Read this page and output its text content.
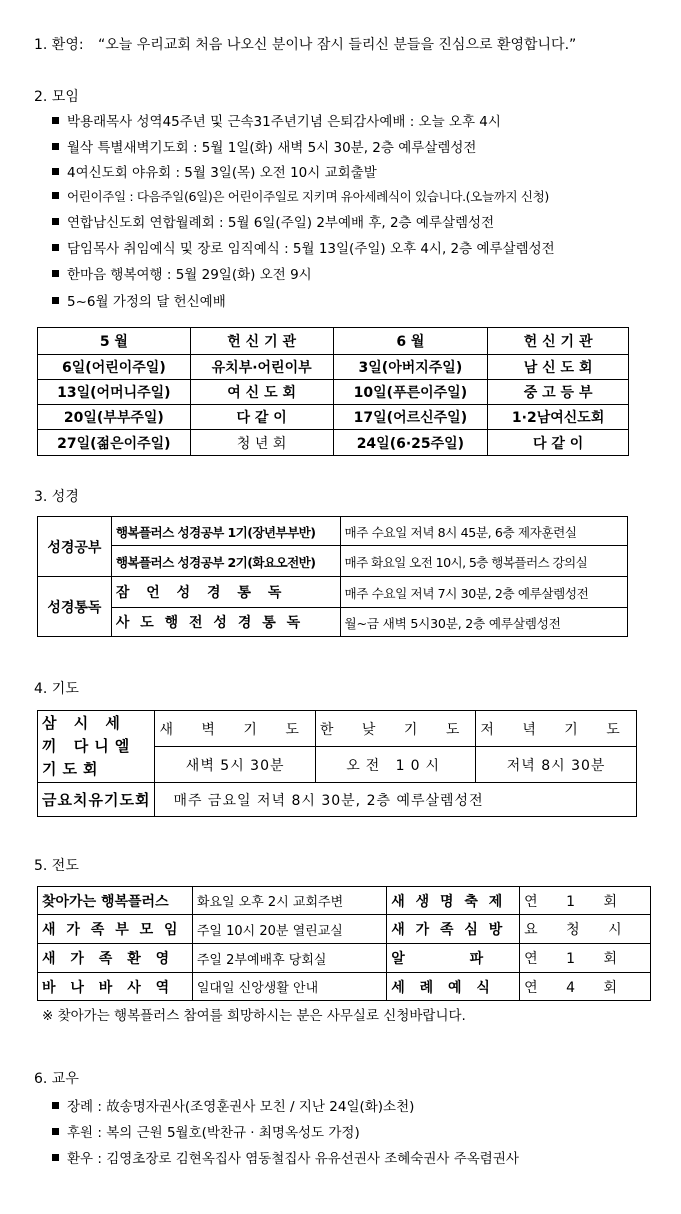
1. 환영: “오늘 우리교회 처음 나오신 분이나 잠시 들리신 분들을 진심으로 환영합니다.”
2. 모임
박용래목사 성역45주년 및 근속31주년기념 은퇴감사예배 : 오늘 오후 4시
월삭 특별새벽기도회 : 5월 1일(화) 새벽 5시 30분, 2층 예루살렘성전
4여신도회 야유회 : 5월 3일(목) 오전 10시 교회출발
어린이주일 : 다음주일(6일)은 어린이주일로 지키며 유아세례식이 있습니다.(오늘까지 신청)
연합남신도회 연합월례회 : 5월 6일(주일) 2부예배 후, 2층 예루살렘성전
담임목사 취임예식 및 장로 임직예식 : 5월 13일(주일) 오후 4시, 2층 예루살렘성전
한마음 행복여행 : 5월 29일(화) 오전 9시
5~6월 가정의 달 헌신예배
5 월	헌 신 기 관	6 월	헌 신 기 관
6일(어린이주일)	유치부·어린이부	3일(아버지주일)	남 신 도 회
13일(어머니주일)	여 신 도 회	10일(푸른이주일)	중 고 등 부
20일(부부주일)	다 같 이	17일(어르신주일)	1·2남여신도회
27일(젊은이주일)	청 년 회	24일(6·25주일)	다 같 이
3. 성경
성경공부	행복플러스 성경공부 1기(장년부부반)	매주 수요일 저녁 8시 45분, 6층 제자훈련실
	행복플러스 성경공부 2기(화요오전반)	매주 화요일 오전 10시, 5층 행복플러스 강의실
성경통독	잠 언 성 경 통 독	매주 수요일 저녁 7시 30분, 2층 예루살렘성전
	사 도 행 전 성 경 통 독	월~금 새벽 5시30분, 2층 예루살렘성전
4. 기도
삼 시 세 끼 다니엘기도회	새 벽 기 도	한 낮 기 도	저 녁 기 도
	새벽 5시 30분	오전 10시	저녁 8시 30분
금요치유기도회	매주 금요일 저녁 8시 30분, 2층 예루살렘성전		
5. 전도
찾아가는 행복플러스	화요일 오후 2시 교회주변	새 생 명 축 제	연 1 회
새 가 족 부 모 임	주일 10시 20분 열린교실	새 가 족 심 방	요 청 시
새 가 족 환 영	주일 2부예배후 당회실	알 파	연 1 회
바 나 바 사 역	일대일 신앙생활 안내	세 례 예 식	연 4 회
※ 찾아가는 행복플러스 참여를 희망하시는 분은 사무실로 신청바랍니다.
6. 교우
장례 : 故송명자권사(조영훈권사 모친 / 지난 24일(화)소천)
후원 : 복의 근원 5월호(박찬규 · 최명옥성도 가정)
환우 : 김영초장로 김현옥집사 염동철집사 유유선권사 조혜숙권사 주옥렴권사
